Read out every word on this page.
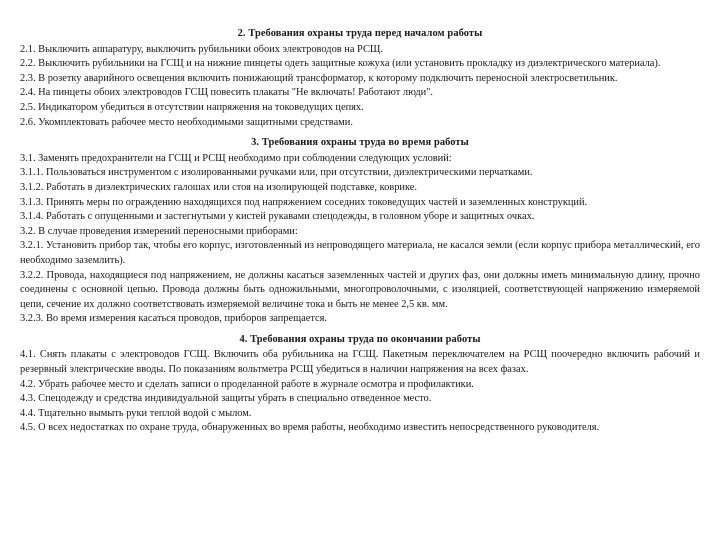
2. Требования охраны труда перед началом работы

2.1. Выключить аппаратуру, выключить рубильники обоих электроводов на РСЩ.

2.2. Выключить рубильники на ГСЩ и на нижние пинцеты одеть защитные кожуха (или установить прокладку из диэлектрического материала).

2.3. В розетку аварийного освещения включить понижающий трансформатор, к которому подключить переносной электросветильник.

2.4. На пинцеты обоих электроводов ГСЩ повесить плакаты "Не включать! Работают люди".

2.5. Индикатором убедиться в отсутствии напряжения на токоведущих цепях.

2.6. Укомплектовать рабочее место необходимыми защитными средствами.

3. Требования охраны труда во время работы

3.1. Заменять предохранители на ГСЩ и РСЩ необходимо при соблюдении следующих условий:

3.1.1. Пользоваться инструментом с изолированными ручками или, при отсутствии, диэлектрическими перчатками.

3.1.2. Работать в диэлектрических галошах или стоя на изолирующей подставке, коврике.

3.1.3. Принять меры по ограждению находящихся под напряжением соседних токоведущих частей и заземленных конструкций.

3.1.4. Работать с опущенными и застегнутыми у кистей рукавами спецодежды, в головном уборе и защитных очках.

3.2. В случае проведения измерений переносными приборами:

3.2.1. Установить прибор так, чтобы его корпус, изготовленный из непроводящего материала, не касался земли (если корпус прибора металлический, его необходимо заземлить).

3.2.2. Провода, находящиеся под напряжением, не должны касаться заземленных частей и других фаз, они должны иметь минимальную длину, прочно соединены с основной цепью. Провода должны быть одножильными, многопроволочными, с изоляцией, соответствующей напряжению измеряемой цепи, сечение их должно соответствовать измеряемой величине тока и быть не менее 2,5 кв. мм.

3.2.3. Во время измерения касаться проводов, приборов запрещается.

4. Требования охраны труда по окончании работы

4.1. Снять плакаты с электроводов ГСЩ. Включить оба рубильника на ГСЩ. Пакетным переключателем на РСЩ поочередно включить рабочий и резервный электрические вводы. По показаниям вольтметра РСЩ убедиться в наличии напряжения на всех фазах.

4.2. Убрать рабочее место и сделать записи о проделанной работе в журнале осмотра и профилактики.

4.3. Спецодежду и средства индивидуальной защиты убрать в специально отведенное место.

4.4. Тщательно вымыть руки теплой водой с мылом.

4.5. О всех недостатках по охране труда, обнаруженных во время работы, необходимо известить непосредственного руководителя.
